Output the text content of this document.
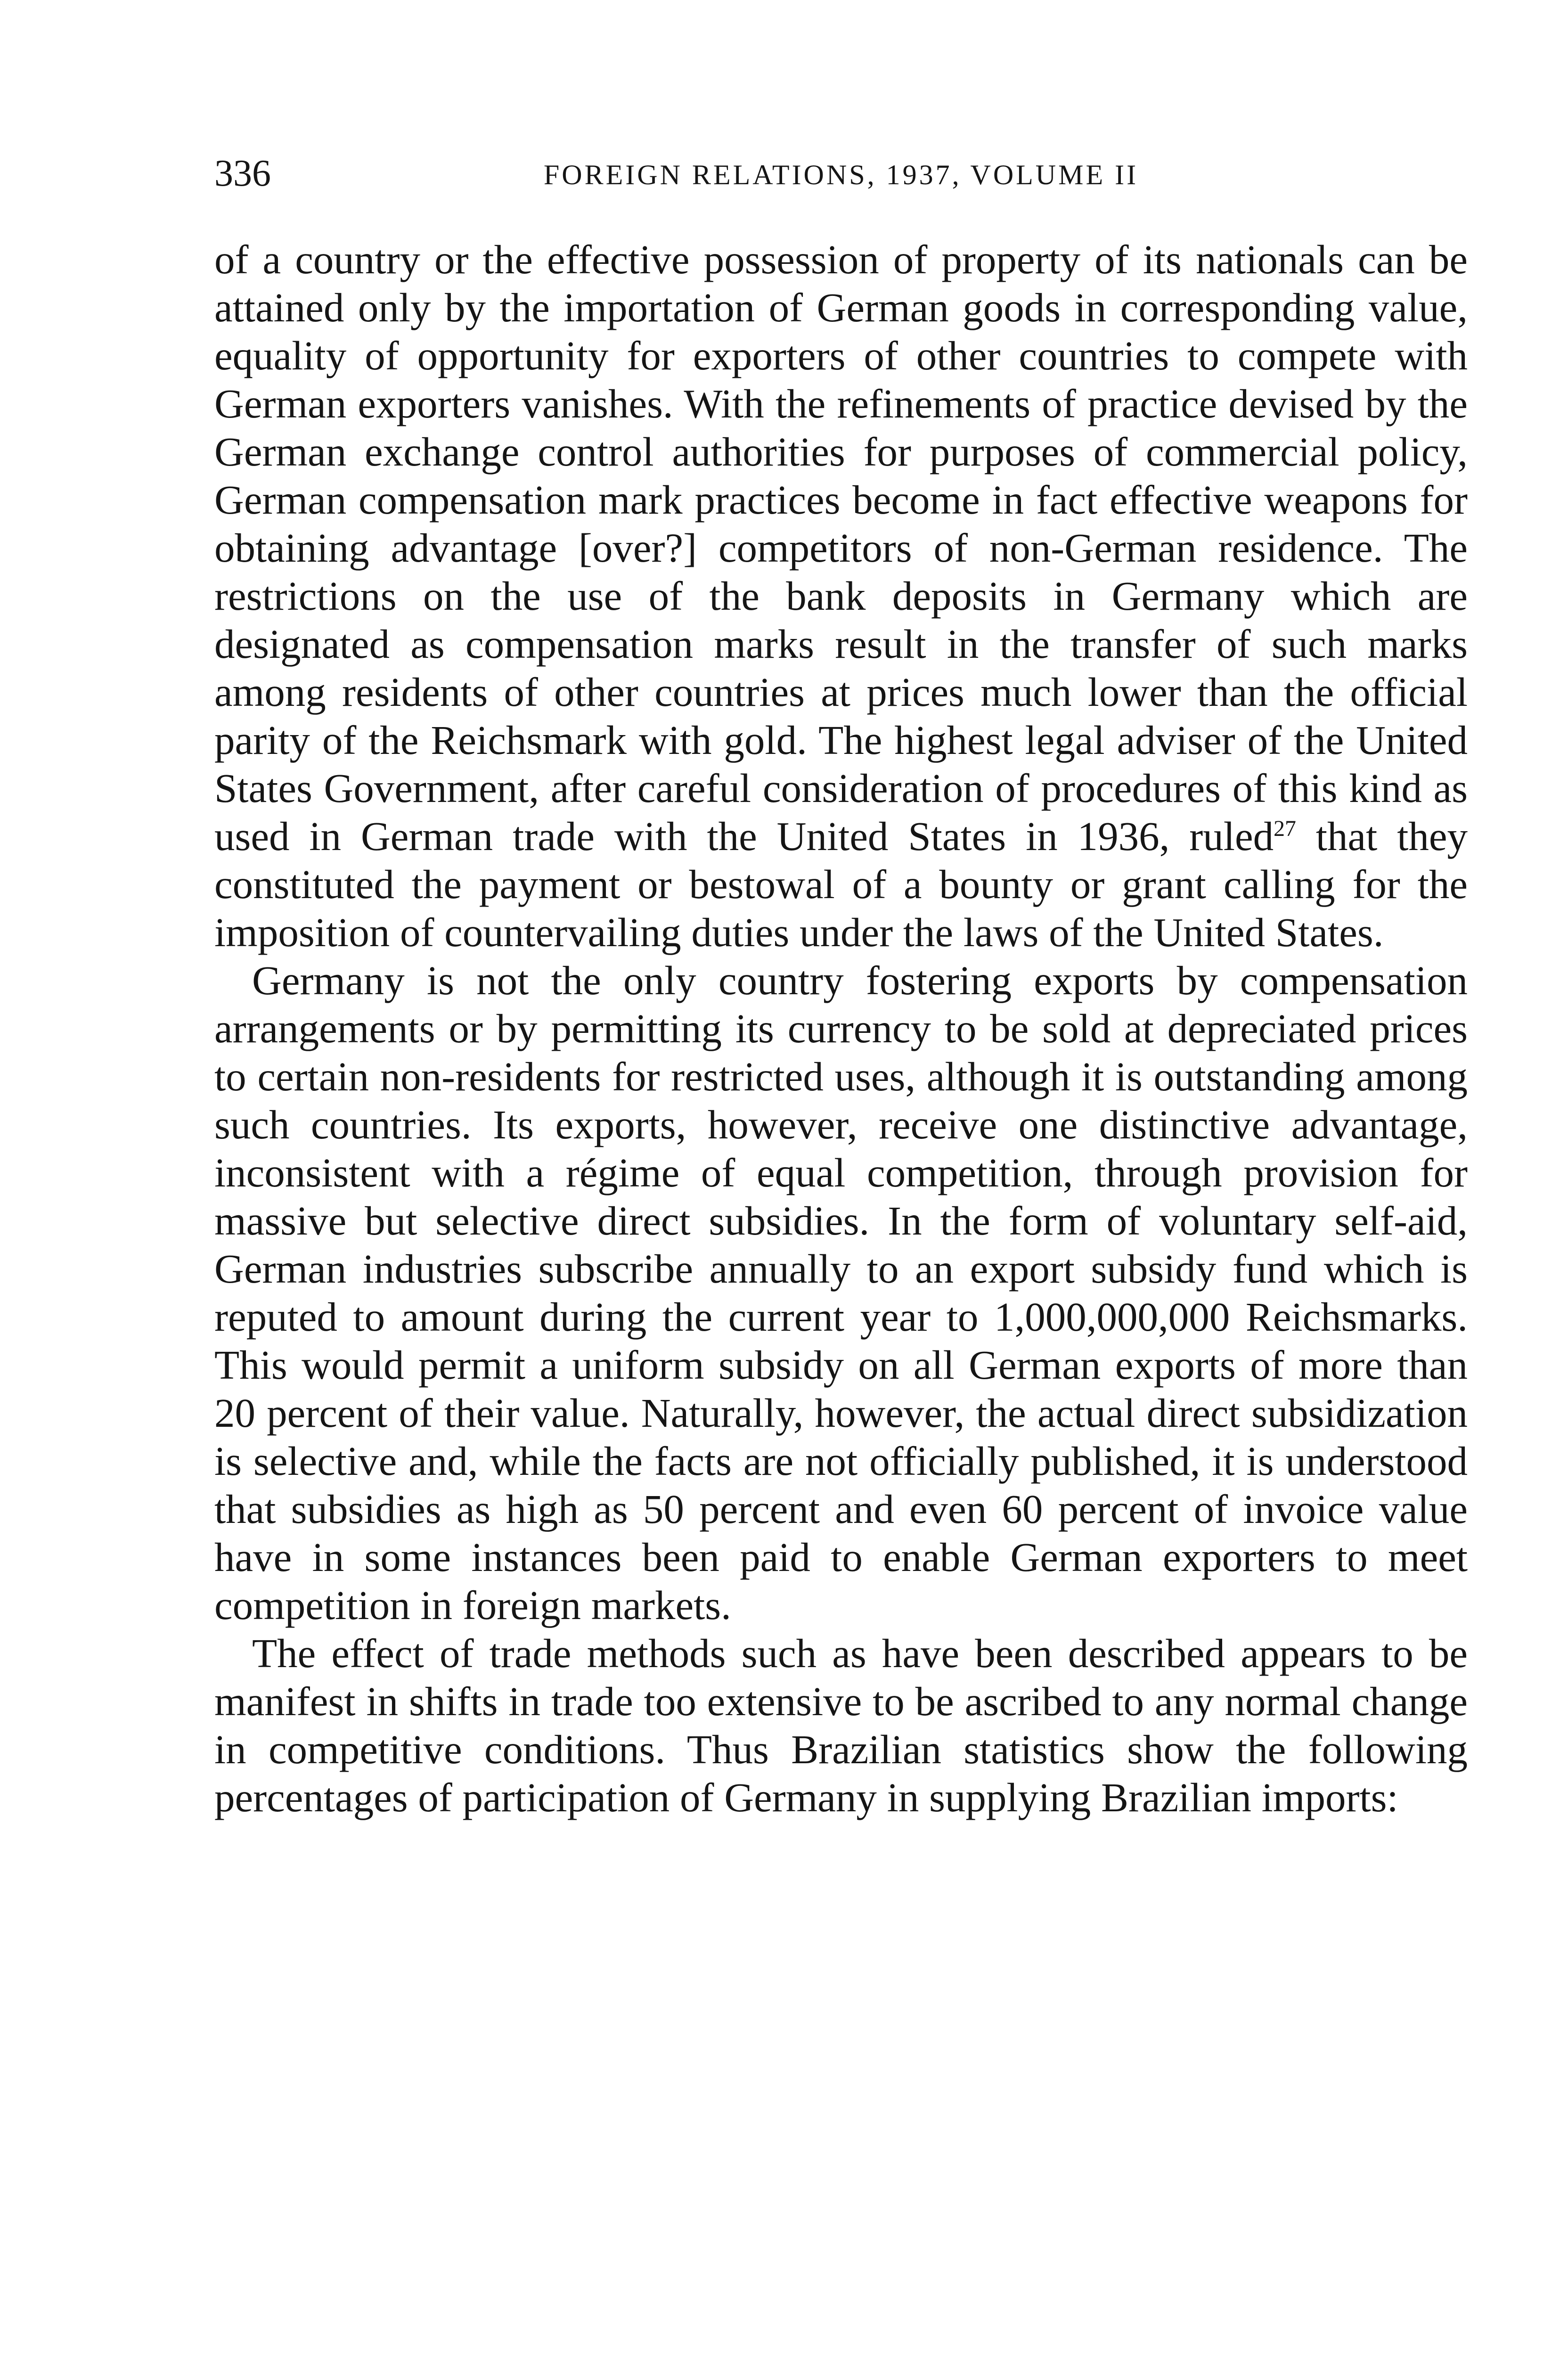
336	FOREIGN RELATIONS, 1937, VOLUME II

of a country or the effective possession of property of its nationals can be attained only by the importation of German goods in corresponding value, equality of opportunity for exporters of other countries to compete with German exporters vanishes. With the refinements of practice devised by the German exchange control authorities for purposes of commercial policy, German compensation mark practices become in fact effective weapons for obtaining advantage [over?] competitors of non-German residence. The restrictions on the use of the bank deposits in Germany which are designated as compensation marks result in the transfer of such marks among residents of other countries at prices much lower than the official parity of the Reichsmark with gold. The highest legal adviser of the United States Government, after careful consideration of procedures of this kind as used in German trade with the United States in 1936, ruled$^{27}$ that they constituted the payment or bestowal of a bounty or grant calling for the imposition of countervailing duties under the laws of the United States.

Germany is not the only country fostering exports by compensation arrangements or by permitting its currency to be sold at depreciated prices to certain non-residents for restricted uses, although it is outstanding among such countries. Its exports, however, receive one distinctive advantage, inconsistent with a régime of equal competition, through provision for massive but selective direct subsidies. In the form of voluntary self-aid, German industries subscribe annually to an export subsidy fund which is reputed to amount during the current year to 1,000,000,000 Reichsmarks. This would permit a uniform subsidy on all German exports of more than 20 percent of their value. Naturally, however, the actual direct subsidization is selective and, while the facts are not officially published, it is understood that subsidies as high as 50 percent and even 60 percent of invoice value have in some instances been paid to enable German exporters to meet competition in foreign markets.

The effect of trade methods such as have been described appears to be manifest in shifts in trade too extensive to be ascribed to any normal change in competitive conditions. Thus Brazilian statistics show the following percentages of participation of Germany in supplying Brazilian imports:
